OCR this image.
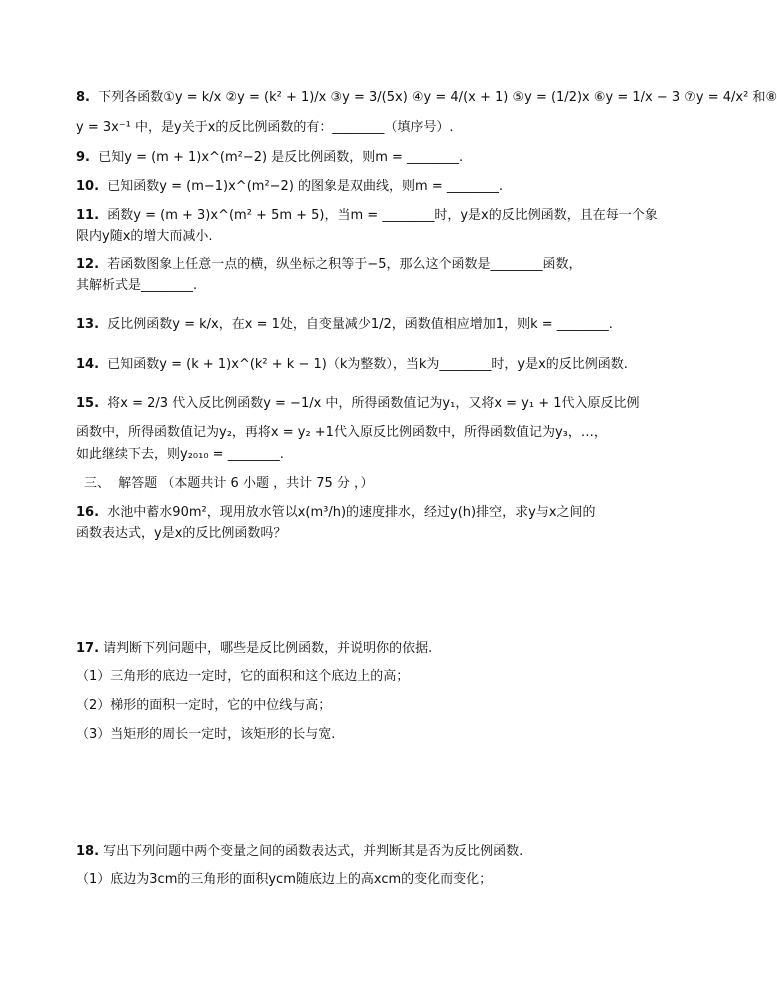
8. 下列各函数①y = k/x ②y = (k² + 1)/x ③y = 3/(5x) ④y = 4/(x + 1) ⑤y = (1/2)x ⑥y = 1/x − 3 ⑦y = 4/x² 和⑧
y = 3x⁻¹ 中，是y关于x的反比例函数的有：________（填序号）.
9. 已知y = (m + 1)x^(m²−2) 是反比例函数，则m = ________.
10. 已知函数y = (m−1)x^(m²−2) 的图象是双曲线，则m = ________.
11. 函数y = (m + 3)x^(m² + 5m + 5)，当m = ________时，y是x的反比例函数，且在每一个象
限内y随x的增大而减小.
12. 若函数图象上任意一点的横，纵坐标之积等于−5，那么这个函数是________函数，
其解析式是________.
13. 反比例函数y = k/x，在x = 1处，自变量减少1/2，函数值相应增加1，则k = ________.
14. 已知函数y = (k + 1)x^(k² + k − 1)（k为整数），当k为________时，y是x的反比例函数.
15. 将x = 2/3 代入反比例函数y = −1/x 中，所得函数值记为y₁，又将x = y₁ + 1代入原反比例
函数中，所得函数值记为y₂，再将x = y₂ +1代入原反比例函数中，所得函数值记为y₃，…，
如此继续下去，则y₂₀₁₀ = ________.
三、 解答题 （本题共计 6 小题 ，共计 75 分 ，）
16. 水池中蓄水90m²，现用放水管以x(m³/h)的速度排水，经过y(h)排空，求y与x之间的
函数表达式，y是x的反比例函数吗？
17. 请判断下列问题中，哪些是反比例函数，并说明你的依据.
（1）三角形的底边一定时，它的面积和这个底边上的高；
（2）梯形的面积一定时，它的中位线与高；
（3）当矩形的周长一定时，该矩形的长与宽.
18. 写出下列问题中两个变量之间的函数表达式，并判断其是否为反比例函数.
（1）底边为3cm的三角形的面积ycm随底边上的高xcm的变化而变化；
